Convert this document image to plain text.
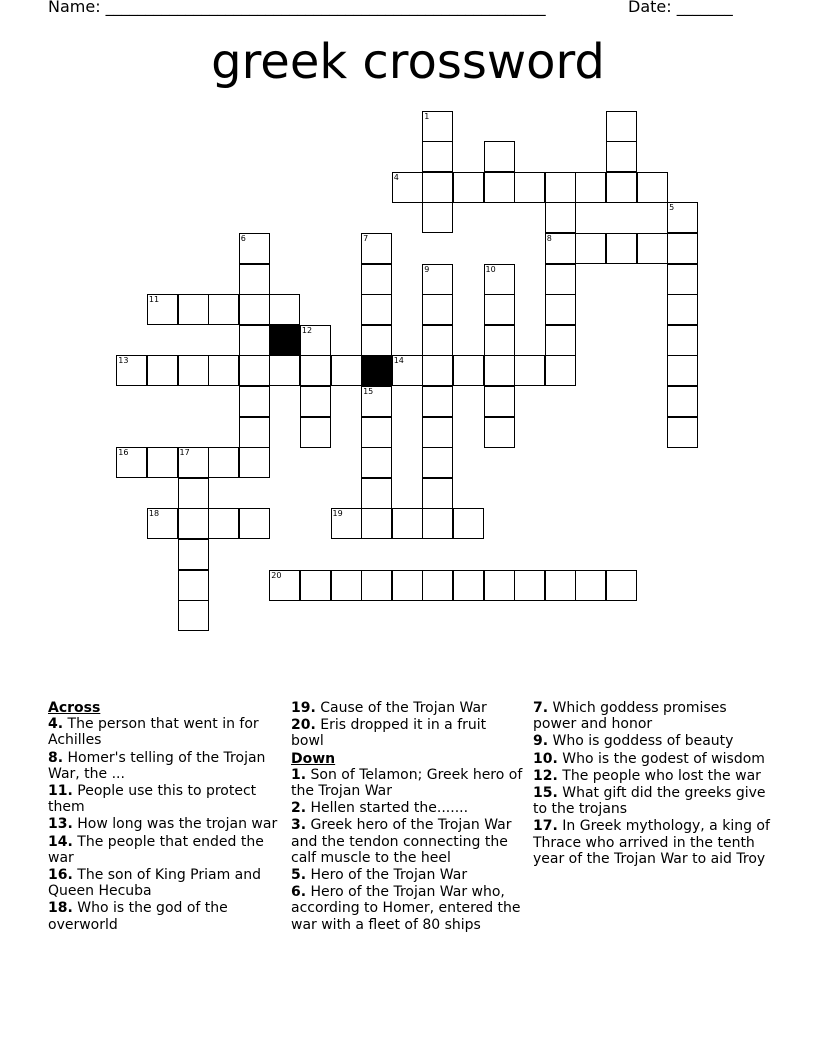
Name: _______________________________________________________	Date: _______
greek crossword
1
4
5
6	7	8
9	10
11
12
13	14
15
16	17
18	19
20
Across
4. The person that went in for Achilles
8. Homer's telling of the Trojan War, the ...
11. People use this to protect them
13. How long was the trojan war
14. The people that ended the war
16. The son of King Priam and Queen Hecuba
18. Who is the god of the overworld
19. Cause of the Trojan War
20. Eris dropped it in a fruit bowl
Down
1. Son of Telamon; Greek hero of the Trojan War
2. Hellen started the.......
3. Greek hero of the Trojan War and the tendon connecting the calf muscle to the heel
5. Hero of the Trojan War
6. Hero of the Trojan War who, according to Homer, entered the war with a fleet of 80 ships
7. Which goddess promises power and honor
9. Who is goddess of beauty
10. Who is the godest of wisdom
12. The people who lost the war
15. What gift did the greeks give to the trojans
17. In Greek mythology, a king of Thrace who arrived in the tenth year of the Trojan War to aid Troy
